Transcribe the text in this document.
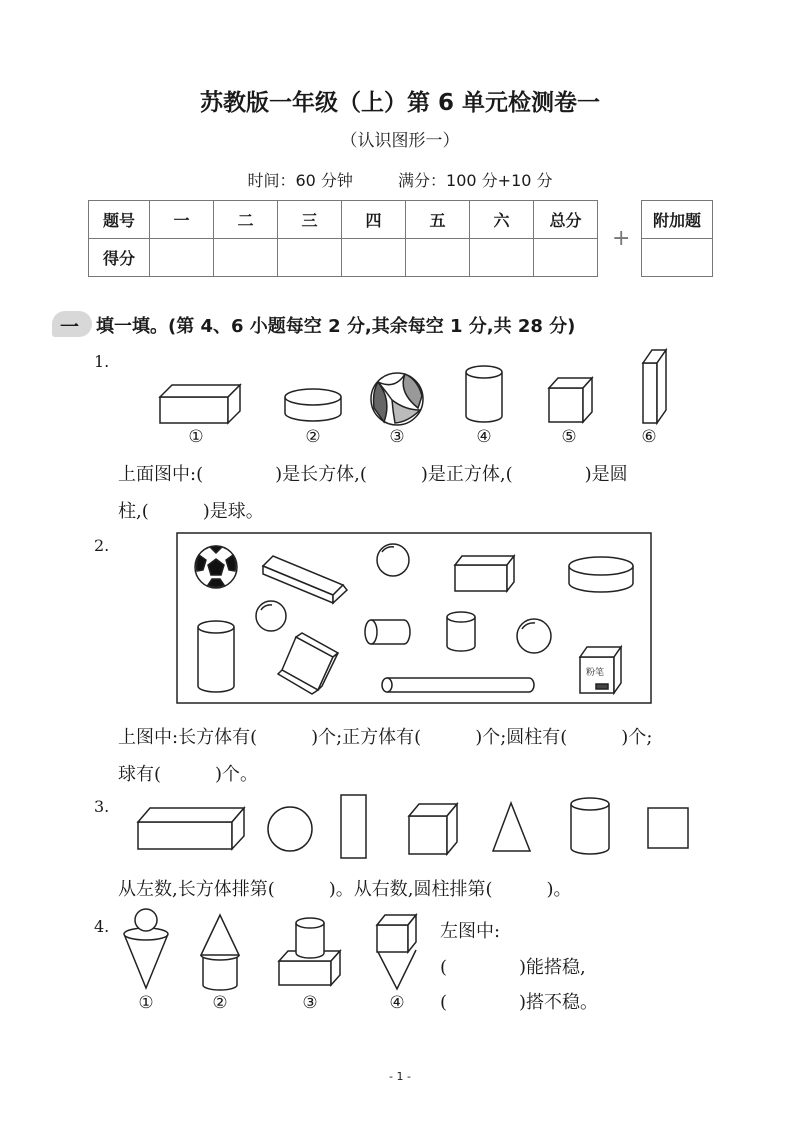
苏教版一年级（上）第 6 单元检测卷一
（认识图形一）
时间：60 分钟	满分：100 分+10 分
题号	一	二	三	四	五	六	总分
得分							
+
附加题

一 填一填。(第 4、6 小题每空 2 分,其余每空 1 分,共 28 分)
1.
①	②	③	④	⑤	⑥
上面图中:(　　　　)是长方体,(　　　)是正方体,(　　　　)是圆
柱,(　　　)是球。
2.
粉笔
上图中:长方体有(　　　)个;正方体有(　　　)个;圆柱有(　　　)个;
球有(　　　)个。
3.
从左数,长方体排第(　　　)。从右数,圆柱排第(　　　)。
4.
①	②	③	④
左图中:
(　　　　)能搭稳,
(　　　　)搭不稳。
- 1 -
